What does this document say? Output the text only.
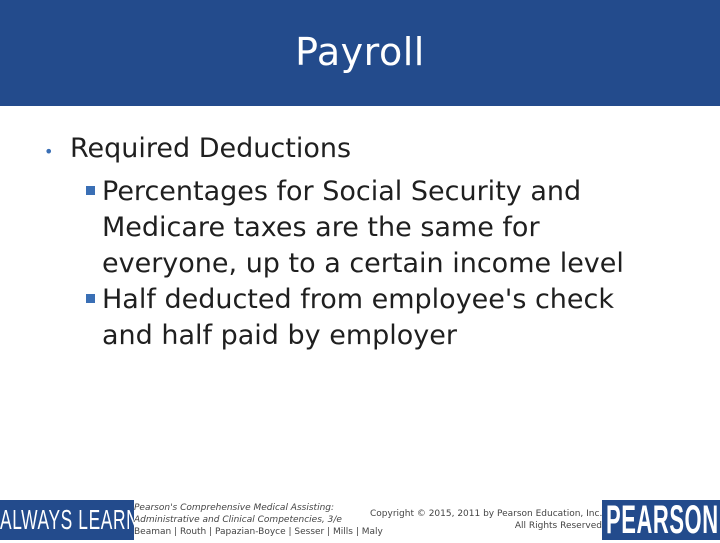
Payroll
• Required Deductions
Percentages for Social Security and Medicare taxes are the same for everyone, up to a certain income level
Half deducted from employee's check and half paid by employer
ALWAYS LEARNING
Pearson's Comprehensive Medical Assisting:
Administrative and Clinical Competencies, 3/e
Beaman | Routh | Papazian-Boyce | Sesser | Mills | Maly
Copyright © 2015, 2011 by Pearson Education, Inc.
All Rights Reserved PEARSON
